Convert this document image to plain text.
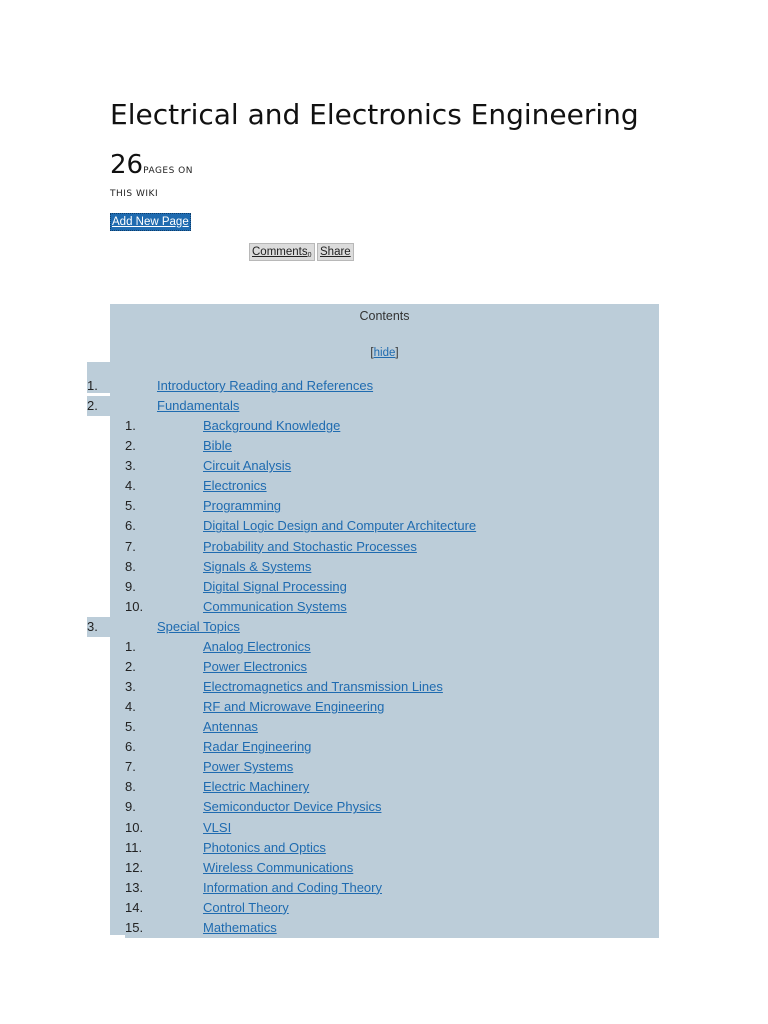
Electrical and Electronics Engineering
26PAGES ON
THIS WIKI
Add New Page
Comments$_0$ Share
Contents
[hide]
1.	Introductory Reading and References
2.	Fundamentals
1.	Background Knowledge
2.	Bible
3.	Circuit Analysis
4.	Electronics
5.	Programming
6.	Digital Logic Design and Computer Architecture
7.	Probability and Stochastic Processes
8.	Signals & Systems
9.	Digital Signal Processing
10.	Communication Systems
3.	Special Topics
1.	Analog Electronics
2.	Power Electronics
3.	Electromagnetics and Transmission Lines
4.	RF and Microwave Engineering
5.	Antennas
6.	Radar Engineering
7.	Power Systems
8.	Electric Machinery
9.	Semiconductor Device Physics
10.	VLSI
11.	Photonics and Optics
12.	Wireless Communications
13.	Information and Coding Theory
14.	Control Theory
15.	Mathematics
